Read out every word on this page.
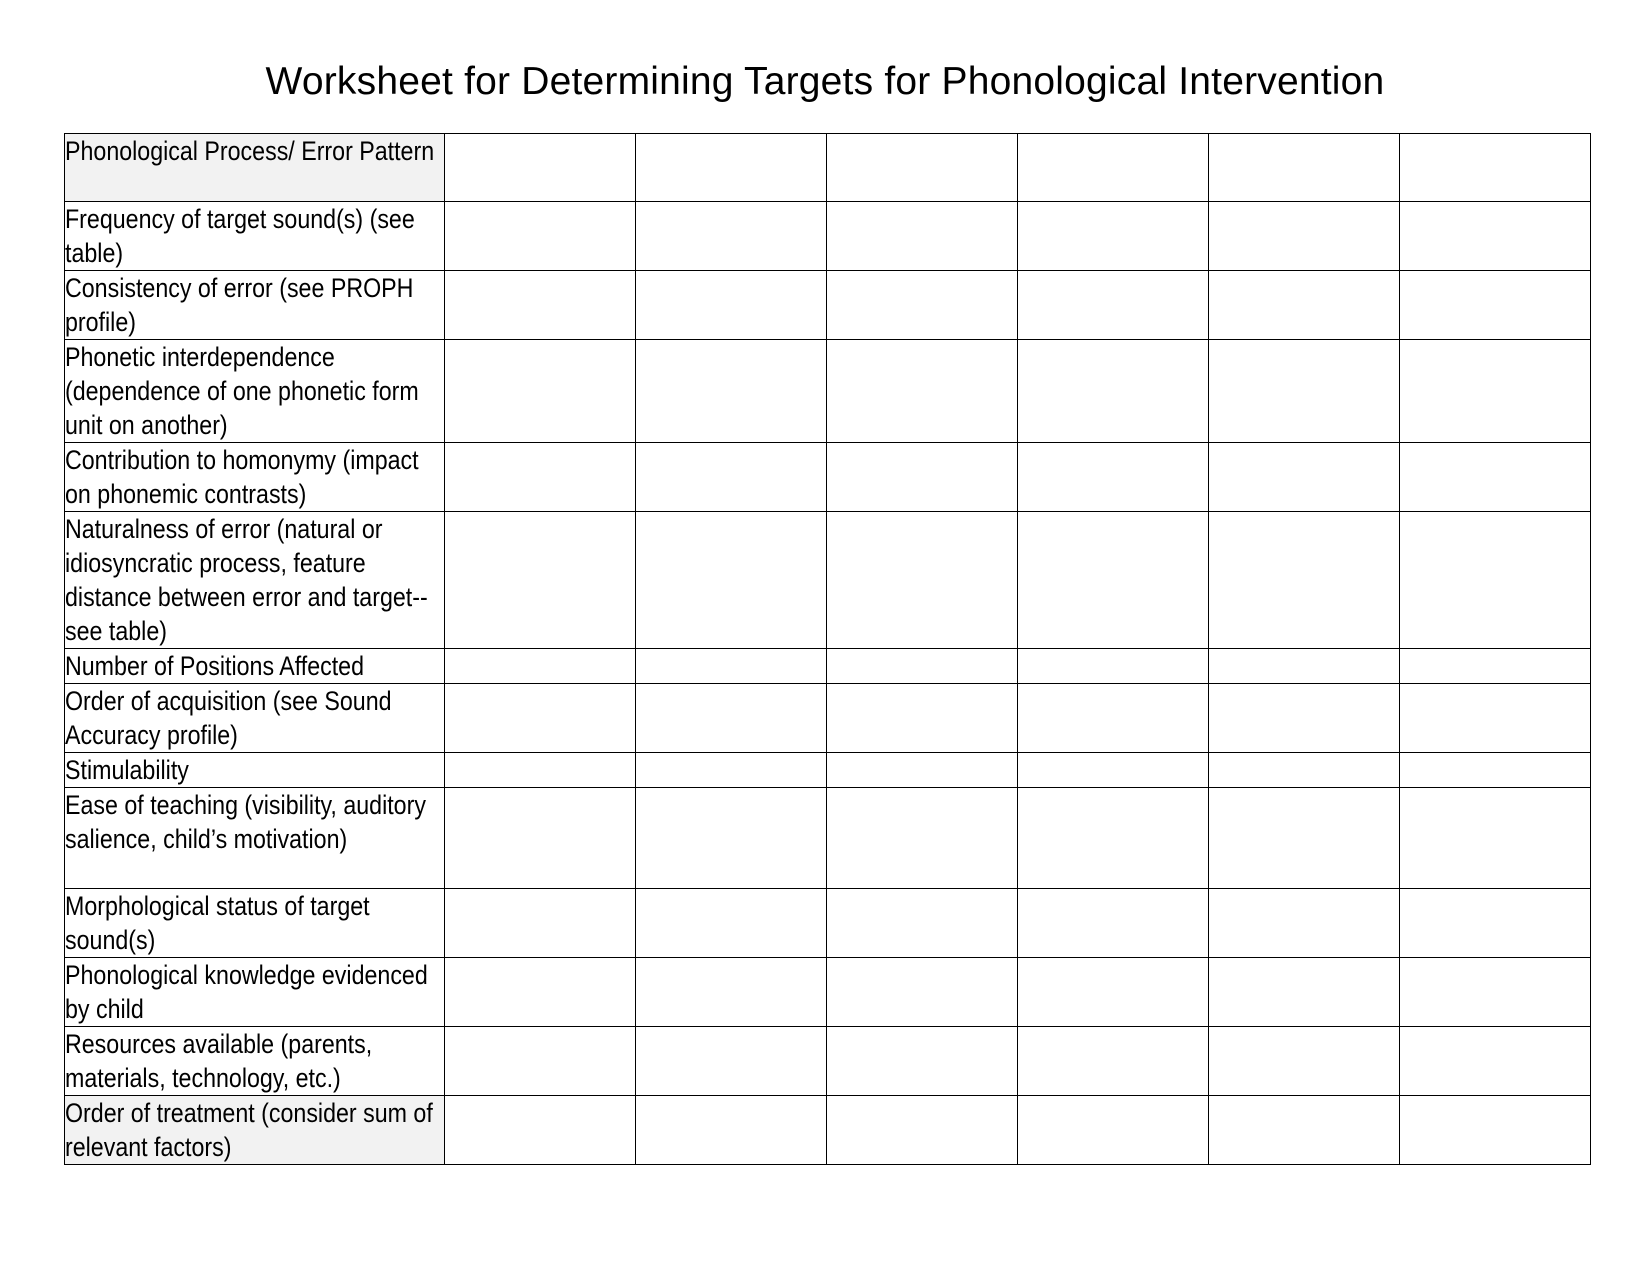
Worksheet for Determining Targets for Phonological Intervention
Phonological Process/ Error Pattern						
Frequency of target sound(s) (see table)						
Consistency of error (see PROPH profile)						
Phonetic interdependence (dependence of one phonetic form unit on another)						
Contribution to homonymy (impact on phonemic contrasts)						
Naturalness of error (natural or idiosyncratic process, feature distance between error and target--see table)						
Number of Positions Affected						
Order of acquisition (see Sound Accuracy profile)						
Stimulability						
Ease of teaching (visibility, auditory salience, child’s motivation)						
Morphological status of target sound(s)						
Phonological knowledge evidenced by child						
Resources available (parents, materials, technology, etc.)						
Order of treatment (consider sum of relevant factors)						
